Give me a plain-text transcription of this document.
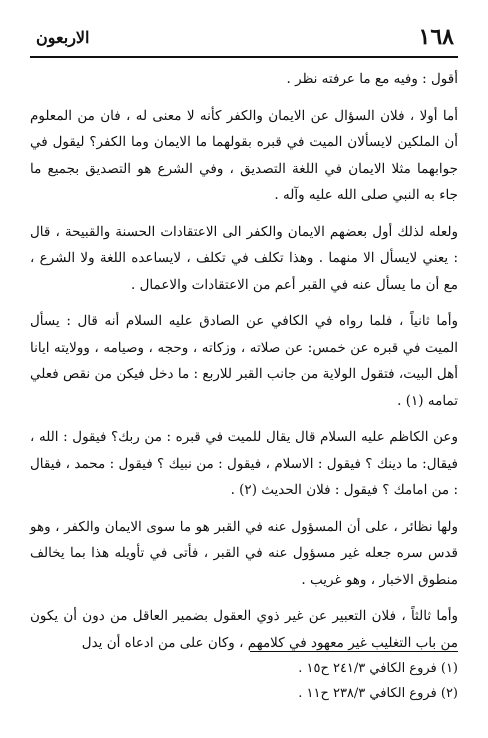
١٦٨
الاربعون

أقول : وفيه مع ما عرفته نظر .

أما أولا ، فلان السؤال عن الايمان والكفر كأنه لا معنى له ، فان من المعلوم أن الملكين لايسألان الميت في قبره بقولهما ما الايمان وما الكفر؟ ليقول في جوابهما مثلا الايمان في اللغة التصديق ، وفي الشرع هو التصديق بجميع ما جاء به النبي صلى الله عليه وآله .

ولعله لذلك أول بعضهم الايمان والكفر الى الاعتقادات الحسنة والقبيحة ، قال : يعني لايسأل الا منهما . وهذا تكلف في تكلف ، لايساعده اللغة ولا الشرع ، مع أن ما يسأل عنه في القبر أعم من الاعتقادات والاعمال .

وأما ثانياً ، فلما رواه في الكافي عن الصادق عليه السلام أنه قال : يسأل الميت في قبره عن خمس: عن صلاته ، وزكاته ، وحجه ، وصيامه ، وولايته ايانا أهل البيت، فتقول الولاية من جانب القبر للاربع : ما دخل فيكن من نقص فعلي تمامه (١) .

وعن الكاظم عليه السلام قال يقال للميت في قبره : من ربك؟ فيقول : الله ، فيقال: ما دينك ؟ فيقول : الاسلام ، فيقول : من نبيك ؟ فيقول : محمد ، فيقال : من امامك ؟ فيقول : فلان الحديث (٢) .

ولها نظائر ، على أن المسؤول عنه في القبر هو ما سوى الايمان والكفر ، وهو قدس سره جعله غير مسؤول عنه في القبر ، فأتى في تأويله هذا بما يخالف منطوق الاخبار ، وهو غريب .

وأما ثالثاً ، فلان التعبير عن غير ذوي العقول بضمير العاقل من دون أن يكون من باب التغليب غير معهود في كلامهم ، وكان على من ادعاه أن يدل

(١) فروع الكافي ٢٤١/٣ ح١٥ .

(٢) فروع الكافي ٢٣٨/٣ ح١١ .
